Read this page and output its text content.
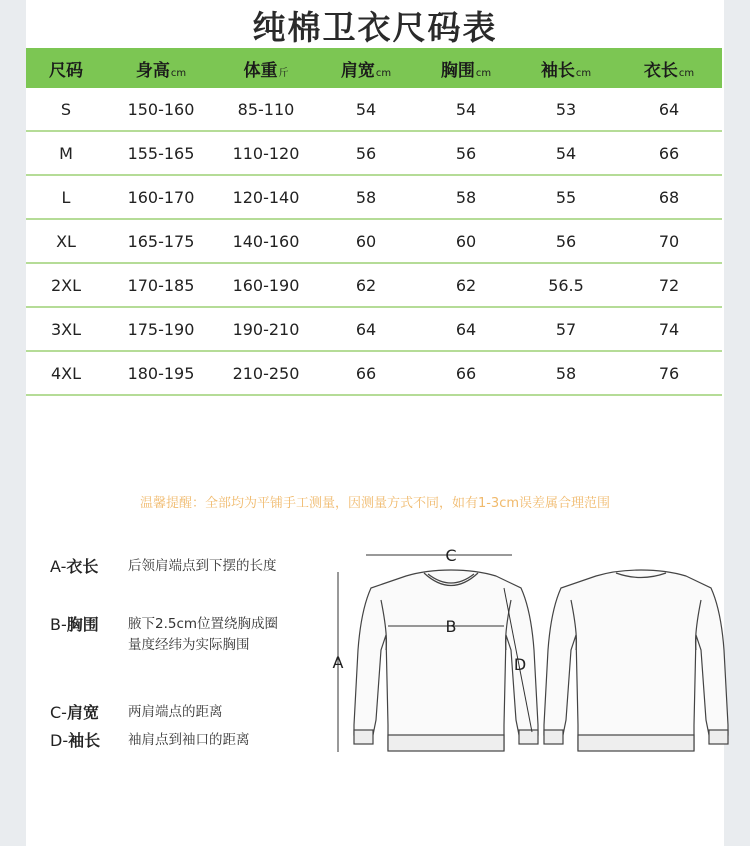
纯棉卫衣尺码表
尺码	身高cm	体重斤	肩宽cm	胸围cm	袖长cm	衣长cm
S	150-160	85-110	54	54	53	64
M	155-165	110-120	56	56	54	66
L	160-170	120-140	58	58	55	68
XL	165-175	140-160	60	60	56	70
2XL	170-185	160-190	62	62	56.5	72
3XL	175-190	190-210	64	64	57	74
4XL	180-195	210-250	66	66	58	76
温馨提醒：全部均为平铺手工测量，因测量方式不同，如有1-3cm误差属合理范围
A-衣长 后领肩端点到下摆的长度
B-胸围 腋下2.5cm位置绕胸成圈量度经纬为实际胸围
C-肩宽 两肩端点的距离
D-袖长 袖肩点到袖口的距离
C
A
B
D
